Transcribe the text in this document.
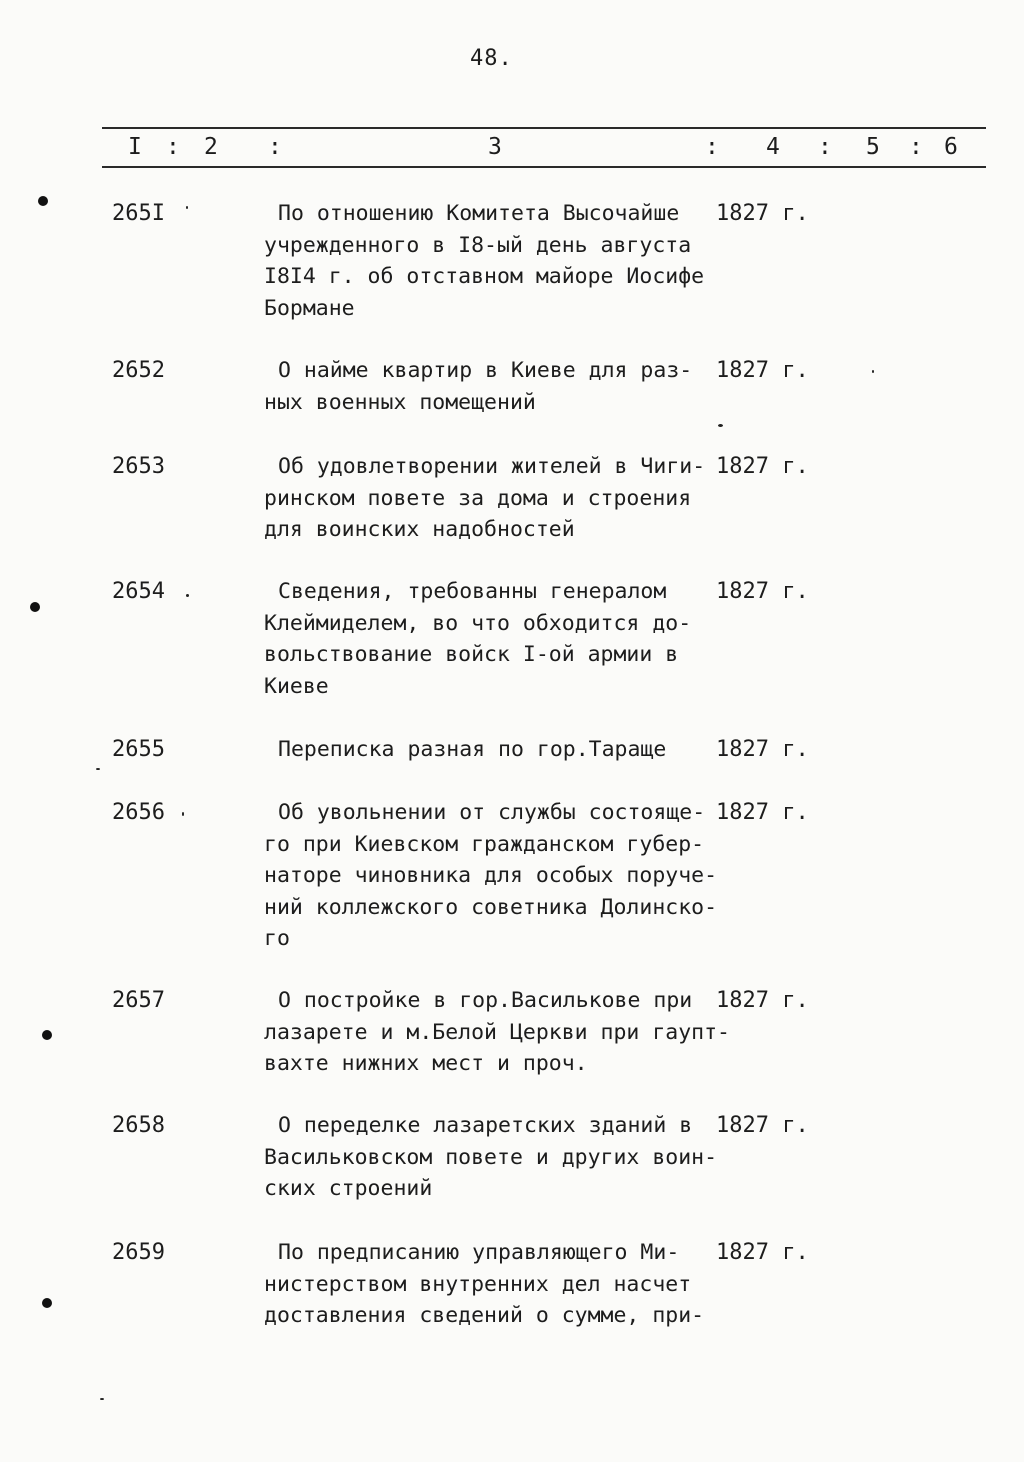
48.
I : 2 :	3	: 4 : 5 : 6
265I	По отношению Комитета Высочайше
учрежденного в I8-ый день августа
I8I4 г. об отставном майоре Иосифе
Бормане
1827 г.
2652	О найме квартир в Киеве для раз-
ных военных помещений
1827 г.
2653	Об удовлетворении жителей в Чиги-
ринском повете за дома и строения
для воинских надобностей
1827 г.
2654	Сведения, требованны генералом
Клеймиделем, во что обходится до-
вольствование войск I-ой армии в
Киеве
1827 г.
2655	Переписка разная по гор.Тараще	1827 г.
2656	Об увольнении от службы состояще-
го при Киевском гражданском губер-
наторе чиновника для особых поруче-
ний коллежского советника Долинско-
го
1827 г.
2657	О постройке в гор.Василькове при
лазарете и м.Белой Церкви при гаупт-
вахте нижних мест и проч.
1827 г.
2658	О переделке лазаретских зданий в
Васильковском повете и других воин-
ских строений
1827 г.
2659	По предписанию управляющего Ми-
нистерством внутренних дел насчет
доставления сведений о сумме, при-
1827 г.
